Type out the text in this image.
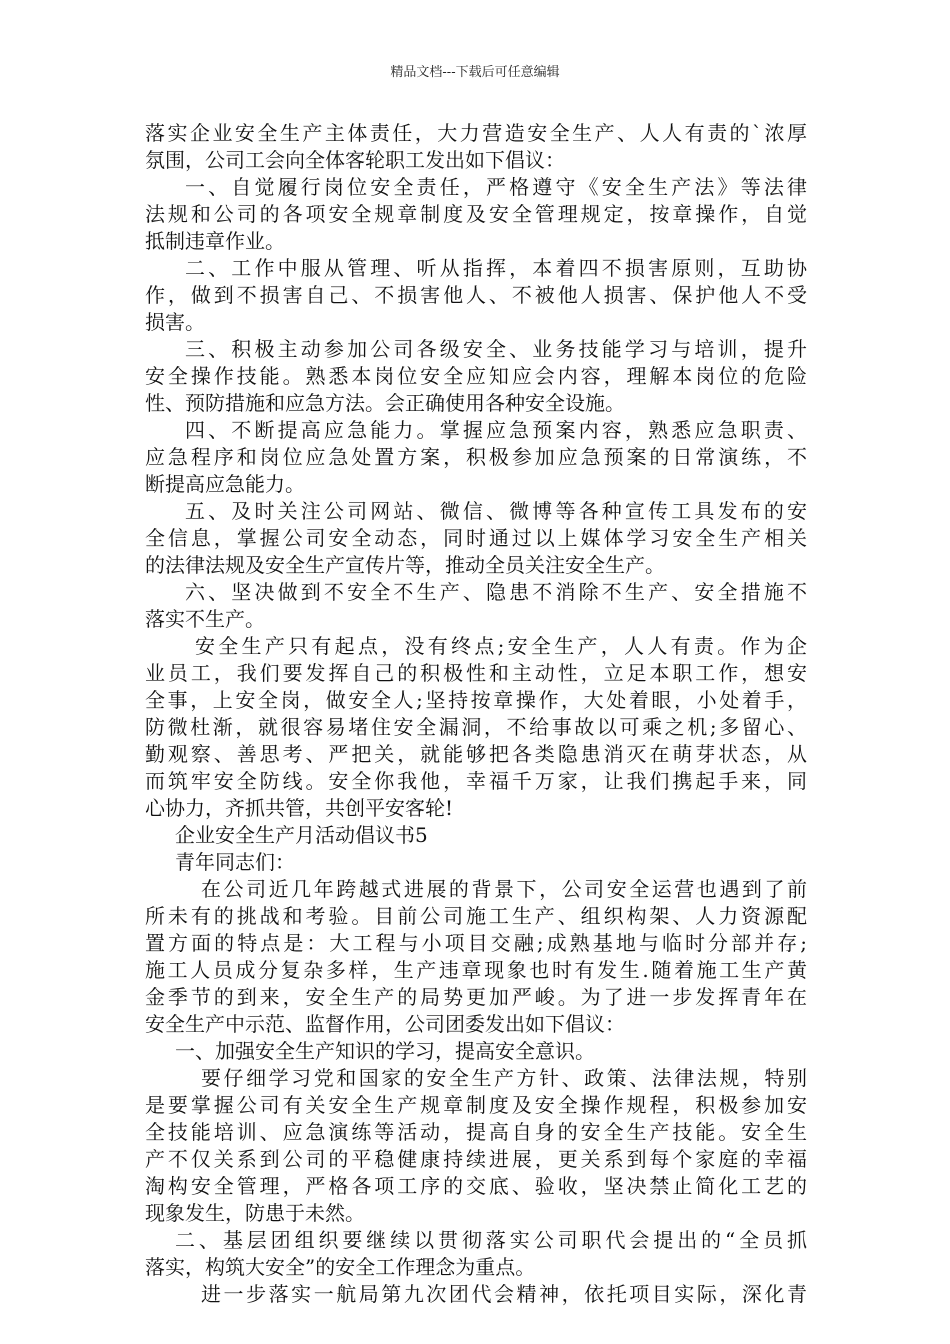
精品文档---下载后可任意编辑
落实企业安全生产主体责任，大力营造安全生产、人人有责的`浓厚
氛围，公司工会向全体客轮职工发出如下倡议：
一、自觉履行岗位安全责任，严格遵守《安全生产法》等法律
法规和公司的各项安全规章制度及安全管理规定，按章操作，自觉
抵制违章作业。
二、工作中服从管理、听从指挥，本着四不损害原则，互助协
作，做到不损害自己、不损害他人、不被他人损害、保护他人不受
损害。
三、积极主动参加公司各级安全、业务技能学习与培训，提升
安全操作技能。熟悉本岗位安全应知应会内容，理解本岗位的危险
性、预防措施和应急方法。会正确使用各种安全设施。
四、不断提高应急能力。掌握应急预案内容，熟悉应急职责、
应急程序和岗位应急处置方案，积极参加应急预案的日常演练，不
断提高应急能力。
五、及时关注公司网站、微信、微博等各种宣传工具发布的安
全信息，掌握公司安全动态，同时通过以上媒体学习安全生产相关
的法律法规及安全生产宣传片等，推动全员关注安全生产。
六、坚决做到不安全不生产、隐患不消除不生产、安全措施不
落实不生产。
安全生产只有起点，没有终点;安全生产，人人有责。作为企
业员工，我们要发挥自己的积极性和主动性，立足本职工作，想安
全事，上安全岗，做安全人;坚持按章操作，大处着眼，小处着手，
防微杜渐，就很容易堵住安全漏洞，不给事故以可乘之机;多留心、
勤观察、善思考、严把关，就能够把各类隐患消灭在萌芽状态，从
而筑牢安全防线。安全你我他，幸福千万家，让我们携起手来，同
心协力，齐抓共管，共创平安客轮!
企业安全生产月活动倡议书5
青年同志们：
在公司近几年跨越式进展的背景下，公司安全运营也遇到了前
所未有的挑战和考验。目前公司施工生产、组织构架、人力资源配
置方面的特点是：大工程与小项目交融;成熟基地与临时分部并存;
施工人员成分复杂多样，生产违章现象也时有发生.随着施工生产黄
金季节的到来，安全生产的局势更加严峻。为了进一步发挥青年在
安全生产中示范、监督作用，公司团委发出如下倡议：
一、加强安全生产知识的学习，提高安全意识。
要仔细学习党和国家的安全生产方针、政策、法律法规，特别
是要掌握公司有关安全生产规章制度及安全操作规程，积极参加安
全技能培训、应急演练等活动，提高自身的安全生产技能。安全生
产不仅关系到公司的平稳健康持续进展，更关系到每个家庭的幸福
淘构安全管理，严格各项工序的交底、验收，坚决禁止简化工艺的
现象发生，防患于未然。
二、基层团组织要继续以贯彻落实公司职代会提出的“全员抓
落实，构筑大安全”的安全工作理念为重点。
进一步落实一航局第九次团代会精神，依托项目实际，深化青
